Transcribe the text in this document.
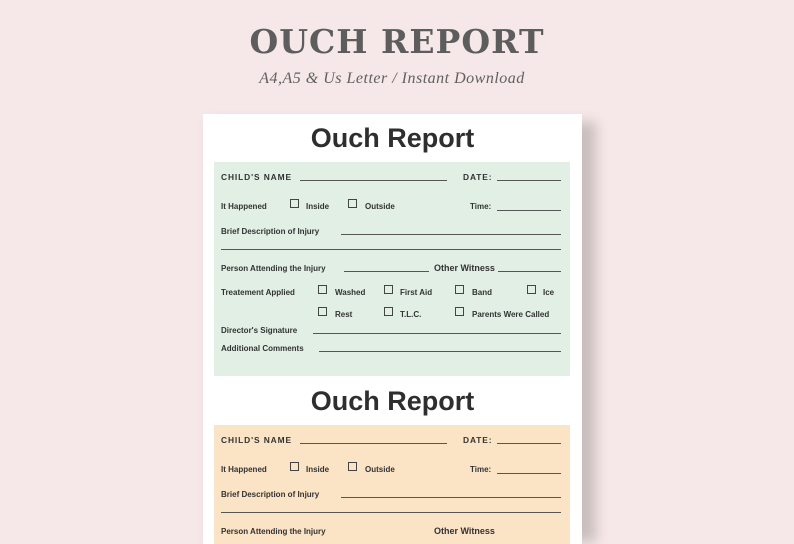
OUCH REPORT
A4,A5 & Us Letter / Instant Download
Ouch Report
CHILD'S NAME	DATE:
It Happened	Inside	Outside	Time:
Brief Description of Injury
Person Attending the Injury	Other Witness
Treatement Applied	Washed	First Aid	Band	Ice
Rest	T.L.C.	Parents Were Called
Director's Signature
Additional Comments
Ouch Report
CHILD'S NAME	DATE:
It Happened	Inside	Outside	Time:
Brief Description of Injury
Person Attending the Injury	Other Witness
